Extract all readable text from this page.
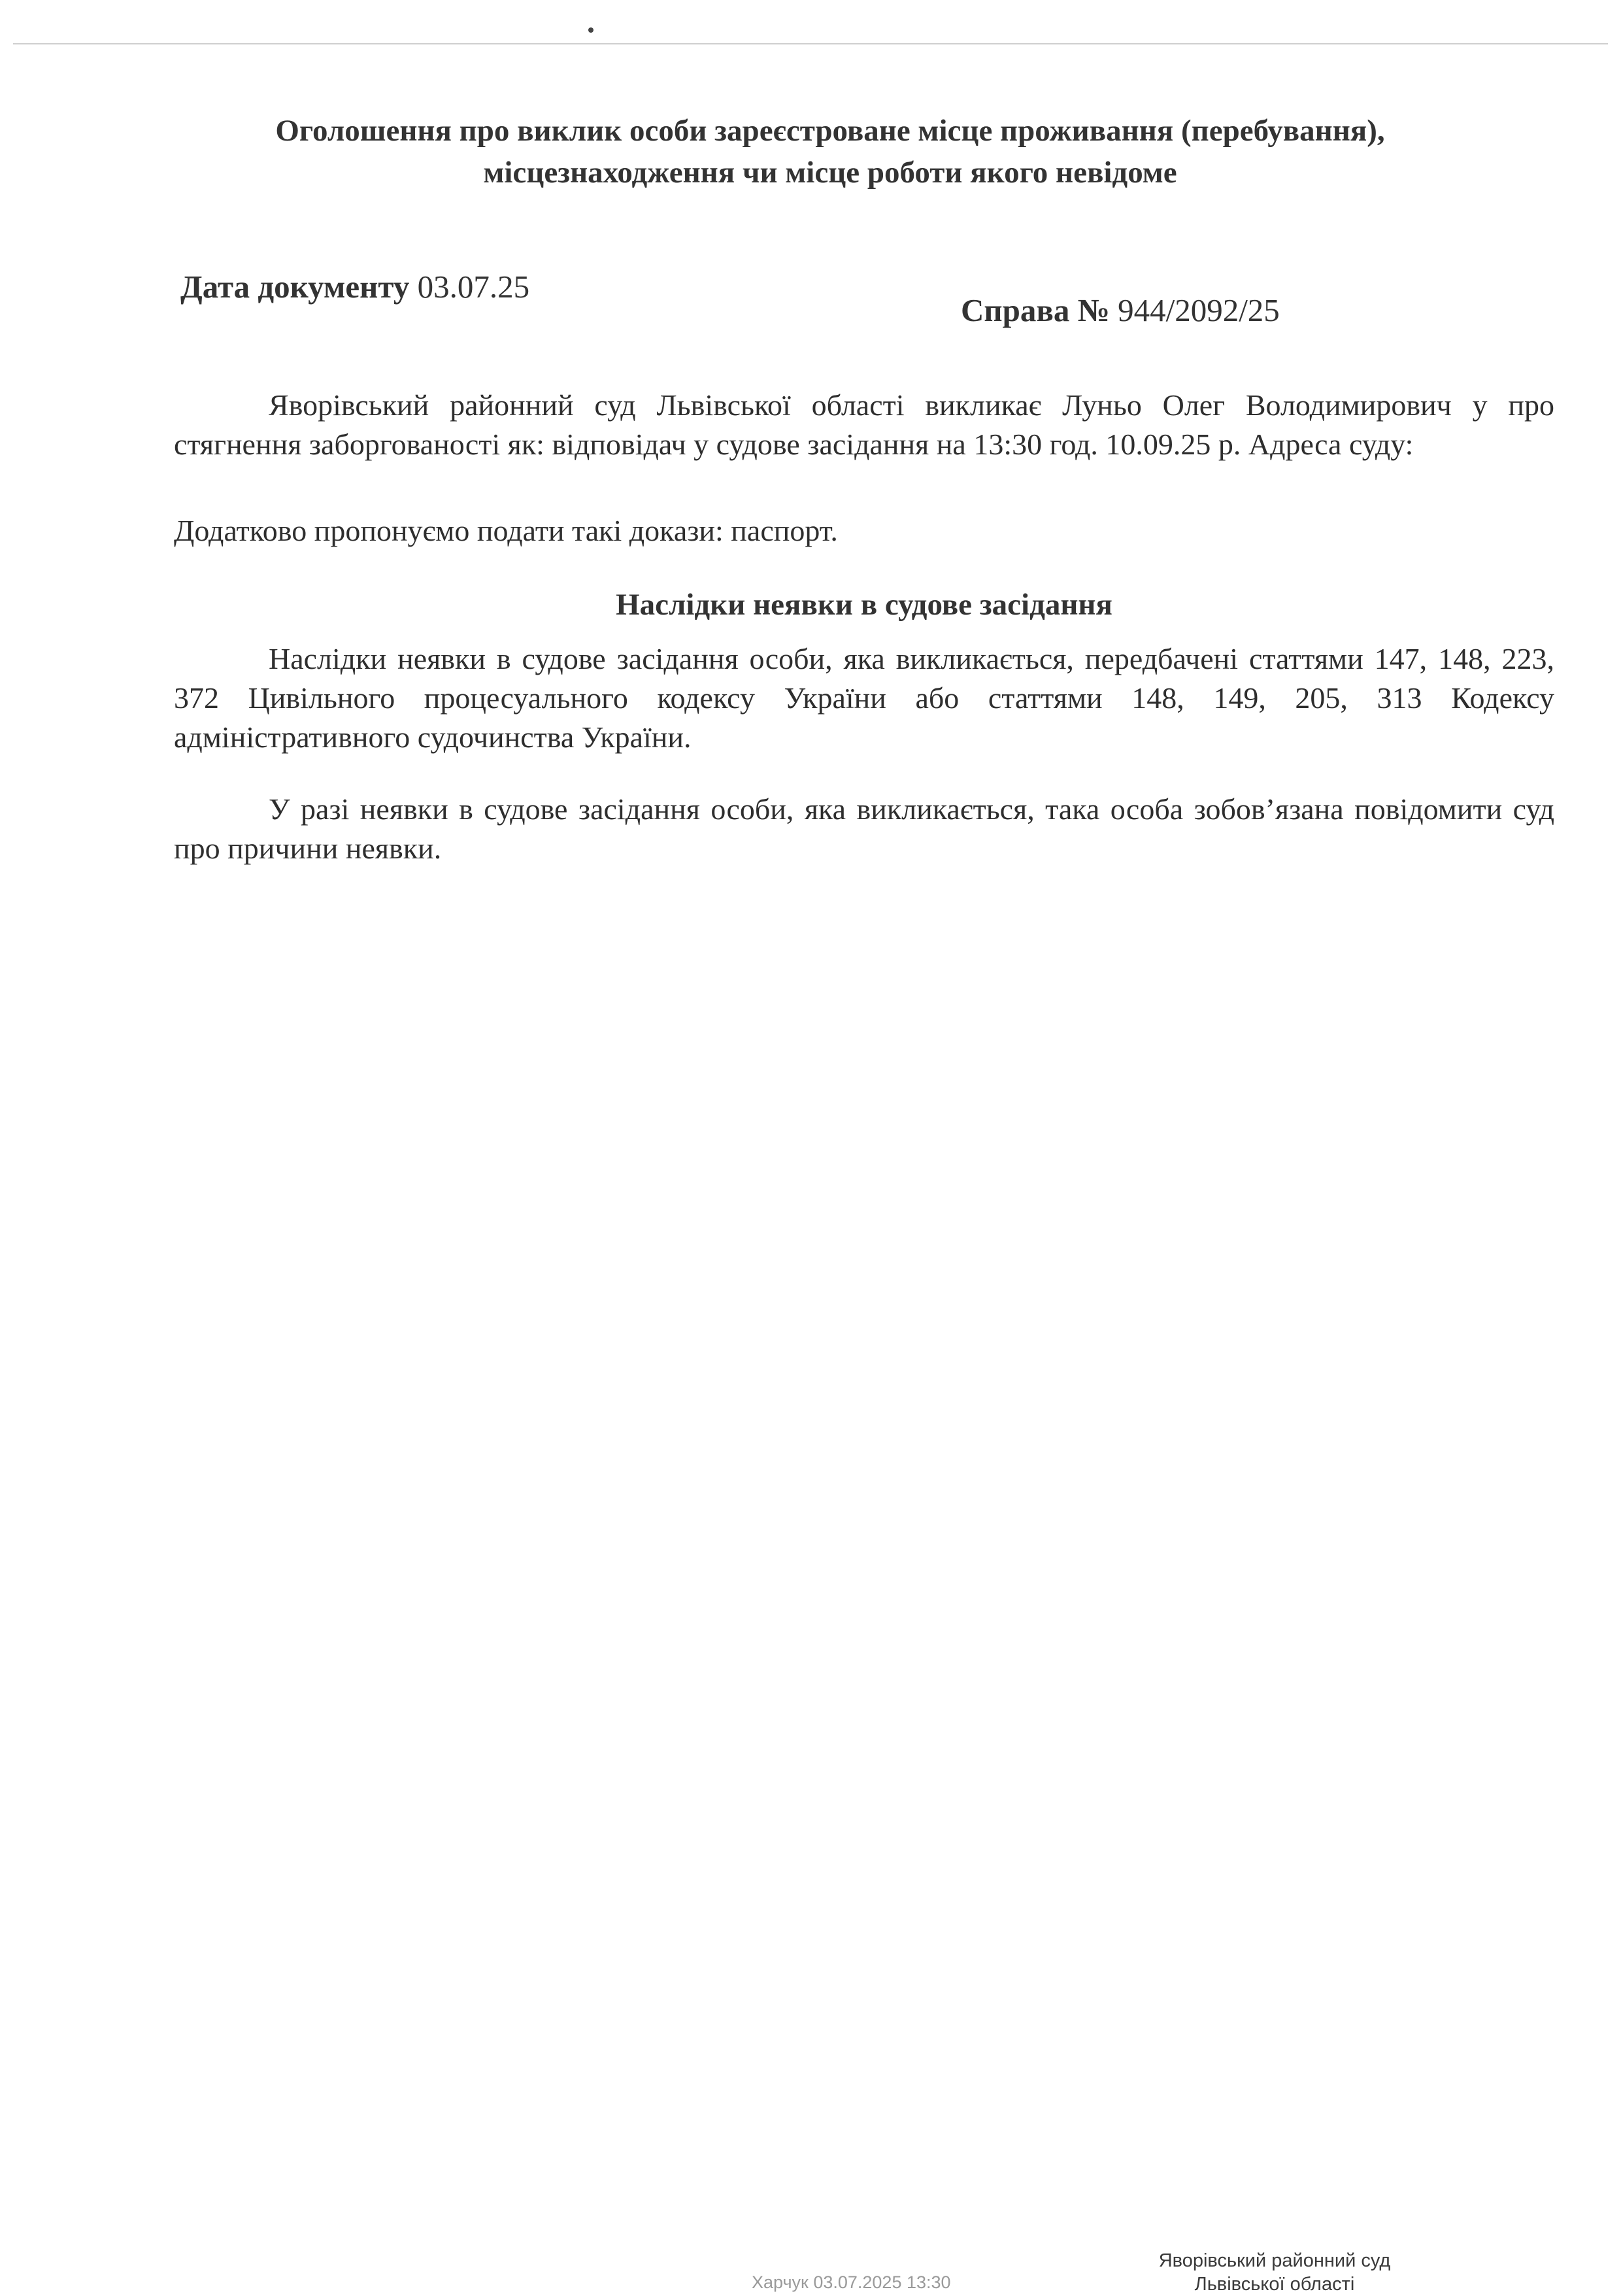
Оголошення про виклик особи зареєстроване місце проживання (перебування), місцезнаходження чи місце роботи якого невідоме
Дата документу 03.07.25
Справа № 944/2092/25
Яворівський районний суд Львівської області викликає Луньо Олег Володимирович у про стягнення заборгованості як: відповідач у судове засідання на 13:30 год. 10.09.25 р. Адреса суду:
Додатково пропонуємо подати такі докази: паспорт.
Наслідки неявки в судове засідання
Наслідки неявки в судове засідання особи, яка викликається, передбачені статтями 147, 148, 223, 372 Цивільного процесуального кодексу України або статтями 148, 149, 205, 313 Кодексу адміністративного судочинства України.
У разі неявки в судове засідання особи, яка викликається, така особа зобов’язана повідомити суд про причини неявки.
Харчук 03.07.2025 13:30
Яворівський районний суд
Львівської області
